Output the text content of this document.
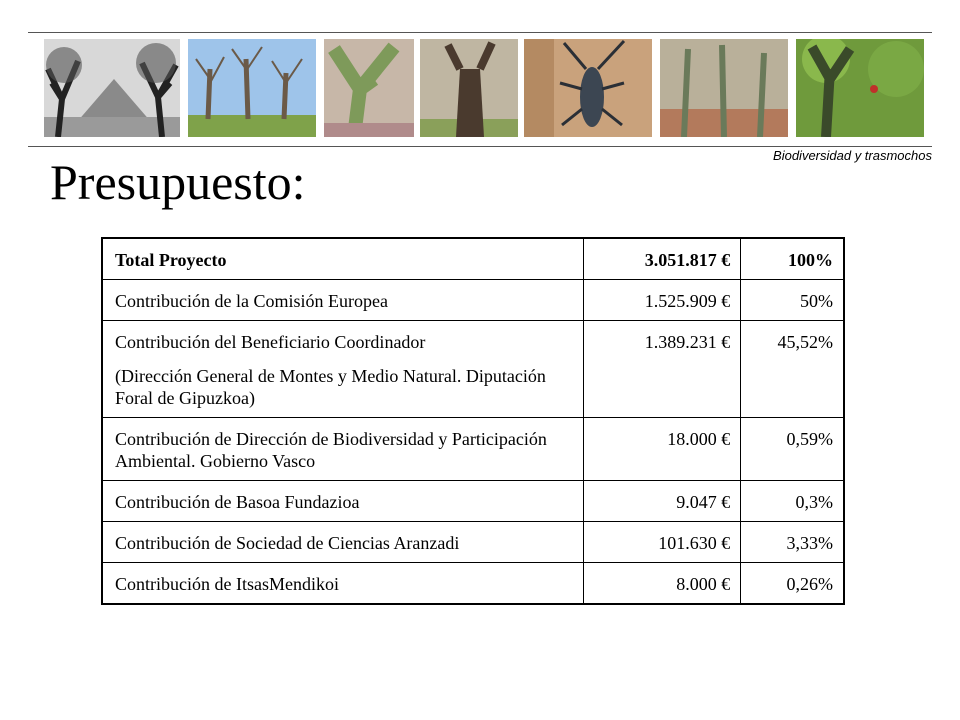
Biodiversidad y trasmochos
Presupuesto:
Total Proyecto	3.051.817 €	100%
Contribución de la Comisión Europea	1.525.909 €	50%
Contribución del Beneficiario Coordinador
(Dirección General de Montes y Medio Natural. Diputación Foral de Gipuzkoa)	1.389.231 €	45,52%
Contribución de Dirección de Biodiversidad y Participación Ambiental. Gobierno Vasco	18.000 €	0,59%
Contribución de Basoa Fundazioa	9.047 €	0,3%
Contribución de Sociedad de Ciencias Aranzadi	101.630 €	3,33%
Contribución de ItsasMendikoi	8.000 €	0,26%
